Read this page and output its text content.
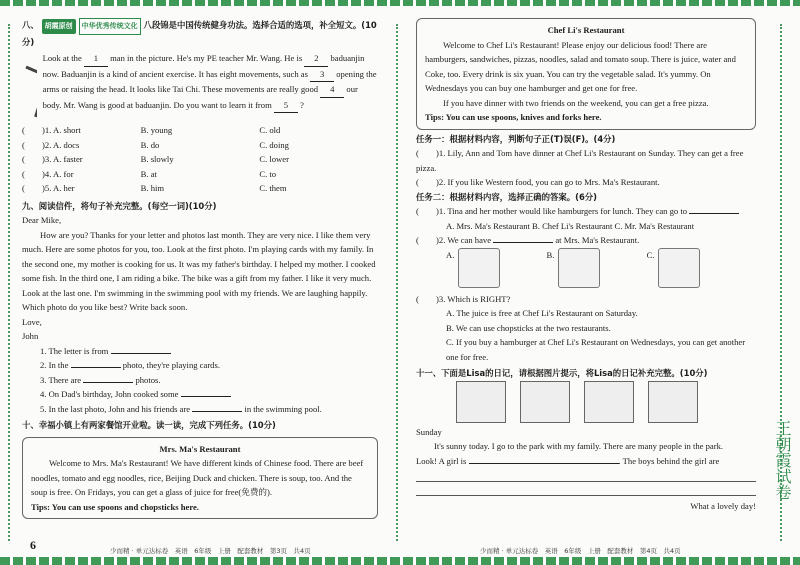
八、 胡霞原创 中华优秀传统文化 八段锦是中国传统健身功法。选择合适的选项，补全短文。(10分)

Look at the 1 man in the picture. He's my PE teacher Mr. Wang. He is 2 baduanjin now. Baduanjin is a kind of ancient exercise. It has eight movements, such as 3 opening the arms or raising the head. It looks like Tai Chi. These movements are really good 4 our body. Mr. Wang is good at baduanjin. Do you want to learn it from 5 ?

(　　)1. A. short	B. young	C. old
(　　)2. A. docs	B. do	C. doing
(　　)3. A. faster	B. slowly	C. lower
(　　)4. A. for	B. at	C. to
(　　)5. A. her	B. him	C. them
九、阅读信件，将句子补充完整。(每空一词)(10分)

Dear Mike,

How are you? Thanks for your letter and photos last month. They are very nice. I like them very much. Here are some photos for you, too. Look at the first photo. I'm playing cards with my family. In the second one, my mother is cooking for us. It was my father's birthday. I helped my mother. I cooked some fish. In the third one, I am riding a bike. The bike was a gift from my father. I like it very much. Look at the last one. I'm swimming in the swimming pool with my friends. We are laughing happily. Which photo do you like best? Write back soon.

Love,

John

1. The letter is from

2. In the	photo, they're playing cards.

3. There are	photos.

4. On Dad's birthday, John cooked some

5. In the last photo, John and his friends are	in the swimming pool.

十、幸福小镇上有两家餐馆开业啦。读一读，完成下列任务。(10分)
Mrs. Ma's Restaurant

Welcome to Mrs. Ma's Restaurant! We have different kinds of Chinese food. There are beef noodles, tomato and egg noodles, rice, Beijing Duck and chicken. There is soup, too. And the soup is free. On Fridays, you can get a glass of juice for free(免费的).

Tips: You can use spoons and chopsticks here.

6	少而精 · 单元达标卷　英语　6年级　上册　配套教材　第3页　共4页
Chef Li's Restaurant

Welcome to Chef Li's Restaurant! Please enjoy our delicious food! There are hamburgers, sandwiches, pizzas, noodles, salad and tomato soup. There is juice, water and Coke, too. Every drink is six yuan. You can try the vegetable salad. It's yummy. On Wednesdays you can buy one hamburger and get one for free.

If you have dinner with two friends on the weekend, you can get a free pizza.

Tips: You can use spoons, knives and forks here.

任务一：根据材料内容，判断句子正(T)误(F)。(4分)

(　　)1. Lily, Ann and Tom have dinner at Chef Li's Restaurant on Sunday. They can get a free pizza.

(　　)2. If you like Western food, you can go to Mrs. Ma's Restaurant.

任务二：根据材料内容，选择正确的答案。(6分)

(　　)1. Tina and her mother would like hamburgers for lunch. They can go to

A. Mrs. Ma's Restaurant B. Chef Li's Restaurant C. Mr. Ma's Restaurant

(　　)2. We can have	at Mrs. Ma's Restaurant.

A.	B.	C.

(　　)3. Which is RIGHT?

A. The juice is free at Chef Li's Restaurant on Saturday.

B. We can use chopsticks at the two restaurants.

C. If you buy a hamburger at Chef Li's Restaurant on Wednesdays, you can get another one for free.

十一、下面是Lisa的日记，请根据图片提示，将Lisa的日记补充完整。(10分)

Sunday

It's sunny today. I go to the park with my family. There are many people in the park.

Look! A girl is	. The boys behind the girl are

What a lovely day!

少而精 · 单元达标卷　英语　6年级　上册　配套教材　第4页　共4页
王朝霞试卷
